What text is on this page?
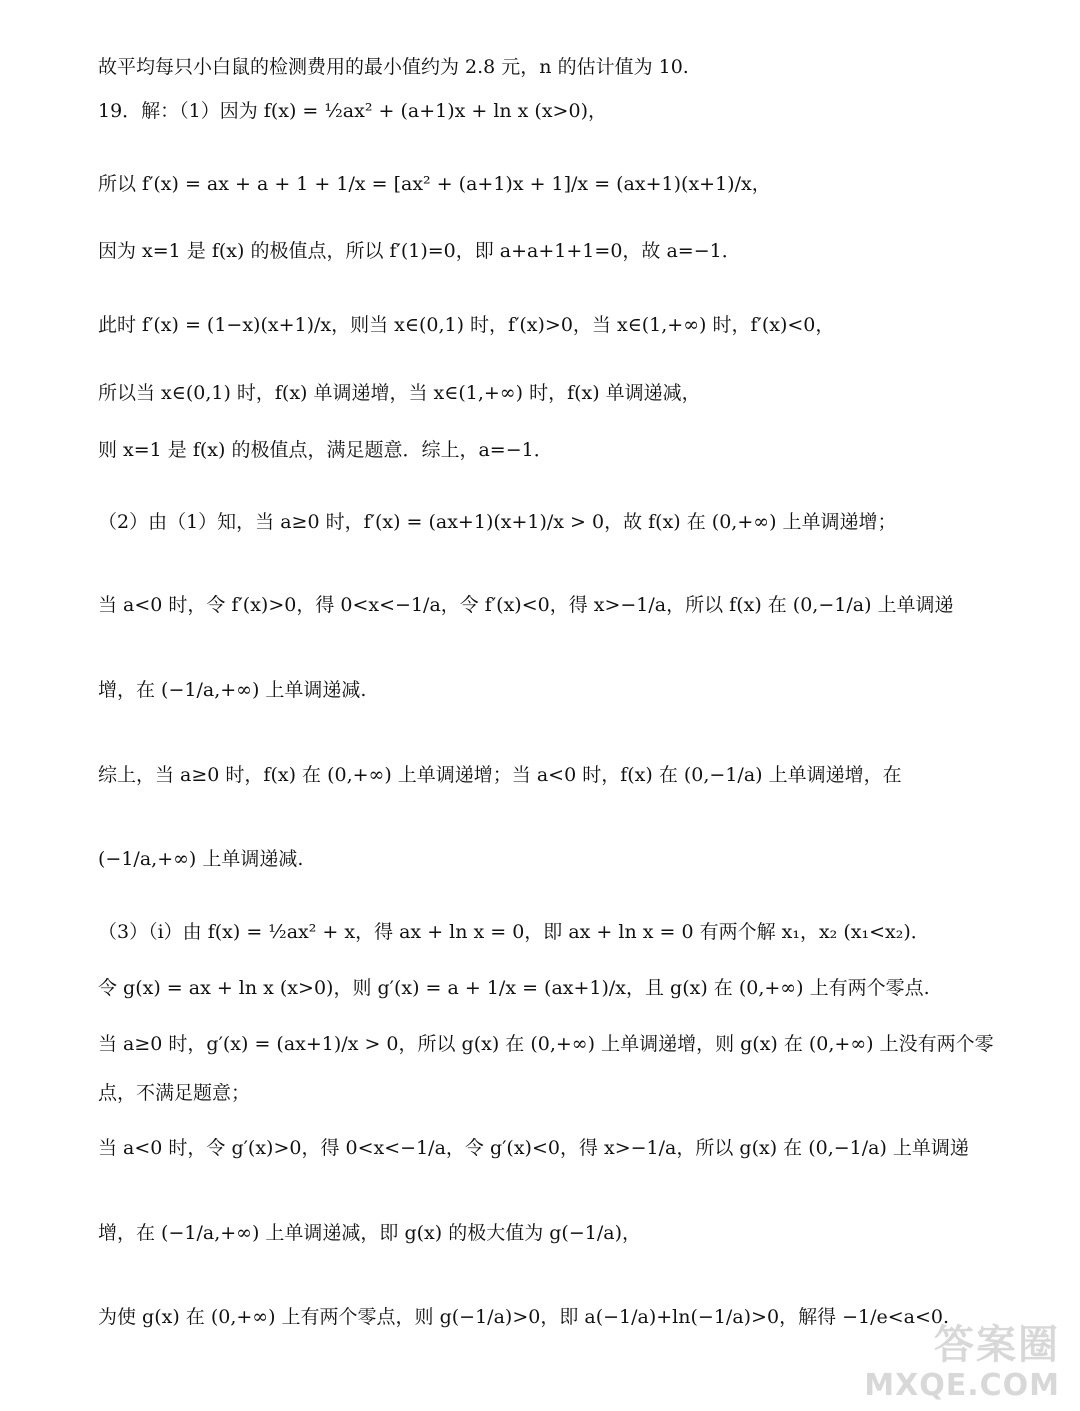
故平均每只小白鼠的检测费用的最小值约为 2.8 元，n 的估计值为 10.
19．解：（1）因为 f(x) = ½ax² + (a+1)x + ln x (x>0)，
所以 f′(x) = ax + a + 1 + 1/x = [ax² + (a+1)x + 1]/x = (ax+1)(x+1)/x，
因为 x=1 是 f(x) 的极值点，所以 f′(1)=0，即 a+a+1+1=0，故 a=−1．
此时 f′(x) = (1−x)(x+1)/x，则当 x∈(0,1) 时，f′(x)>0，当 x∈(1,+∞) 时，f′(x)<0，
所以当 x∈(0,1) 时，f(x) 单调递增，当 x∈(1,+∞) 时，f(x) 单调递减，
则 x=1 是 f(x) 的极值点，满足题意．综上，a=−1．
（2）由（1）知，当 a≥0 时，f′(x) = (ax+1)(x+1)/x > 0，故 f(x) 在 (0,+∞) 上单调递增；
当 a<0 时，令 f′(x)>0，得 0<x<−1/a，令 f′(x)<0，得 x>−1/a，所以 f(x) 在 (0,−1/a) 上单调递
增，在 (−1/a,+∞) 上单调递减.
综上，当 a≥0 时，f(x) 在 (0,+∞) 上单调递增；当 a<0 时，f(x) 在 (0,−1/a) 上单调递增，在
(−1/a,+∞) 上单调递减.
（3）（i）由 f(x) = ½ax² + x，得 ax + ln x = 0，即 ax + ln x = 0 有两个解 x₁，x₂ (x₁<x₂)．
令 g(x) = ax + ln x (x>0)，则 g′(x) = a + 1/x = (ax+1)/x，且 g(x) 在 (0,+∞) 上有两个零点.
当 a≥0 时，g′(x) = (ax+1)/x > 0，所以 g(x) 在 (0,+∞) 上单调递增，则 g(x) 在 (0,+∞) 上没有两个零
点，不满足题意；
当 a<0 时，令 g′(x)>0，得 0<x<−1/a，令 g′(x)<0，得 x>−1/a，所以 g(x) 在 (0,−1/a) 上单调递
增，在 (−1/a,+∞) 上单调递减，即 g(x) 的极大值为 g(−1/a)，
为使 g(x) 在 (0,+∞) 上有两个零点，则 g(−1/a)>0，即 a(−1/a)+ln(−1/a)>0，解得 −1/e<a<0.
答案圈
MXQE.COM
